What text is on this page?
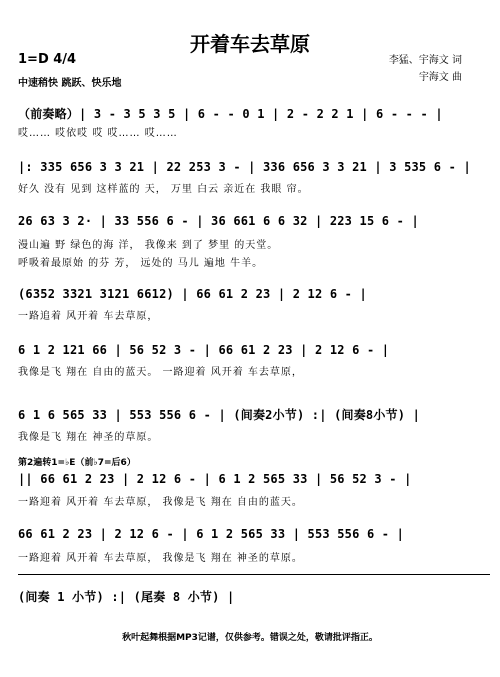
开着车去草原
1=D 4/4
中速稍快 跳跃、快乐地
李猛、宇海文 词
宇海文 曲
（前奏略）| 3 - 3 5 3 5 | 6 - - 0 1 | 2 - 2 2 1 | 6 - - - |
哎…… 哎依哎 哎 哎…… 哎……
|: 335 656 3 3 21 | 22 253 3 - | 336 656 3 3 21 | 3 535 6 - |
好久 没有 见到 这样蓝的 天， 万里 白云 亲近在 我眼 帘。
26 63 3 2· | 33 556 6 - | 36 661 6 6 32 | 223 15 6 - |
漫山遍 野 绿色的海 洋， 我像来 到了 梦里 的天堂。
呼吸着最原始 的芬 芳， 远处的 马儿 遍地 牛羊。
(6352 3321 3121 6612) | 66 61 2 23 | 2 12 6 - |
一路追着 风开着 车去草原，
6 1 2 121 66 | 56 52 3 - | 66 61 2 23 | 2 12 6 - |
我像是飞 翔在 自由的蓝天。 一路迎着 风开着 车去草原，
6 1 6 565 33 | 553 556 6 - | (间奏2小节) :| (间奏8小节) |
我像是飞 翔在 神圣的草原。
第2遍转1=♭E（前♭7=后6）
|| 66 61 2 23 | 2 12 6 - | 6 1 2 565 33 | 56 52 3 - |
一路迎着 风开着 车去草原， 我像是飞 翔在 自由的蓝天。
66 61 2 23 | 2 12 6 - | 6 1 2 565 33 | 553 556 6 - |
一路迎着 风开着 车去草原， 我像是飞 翔在 神圣的草原。
(间奏 1 小节) :| (尾奏 8 小节) |
秋叶起舞根据MP3记谱，仅供参考。错误之处，敬请批评指正。
